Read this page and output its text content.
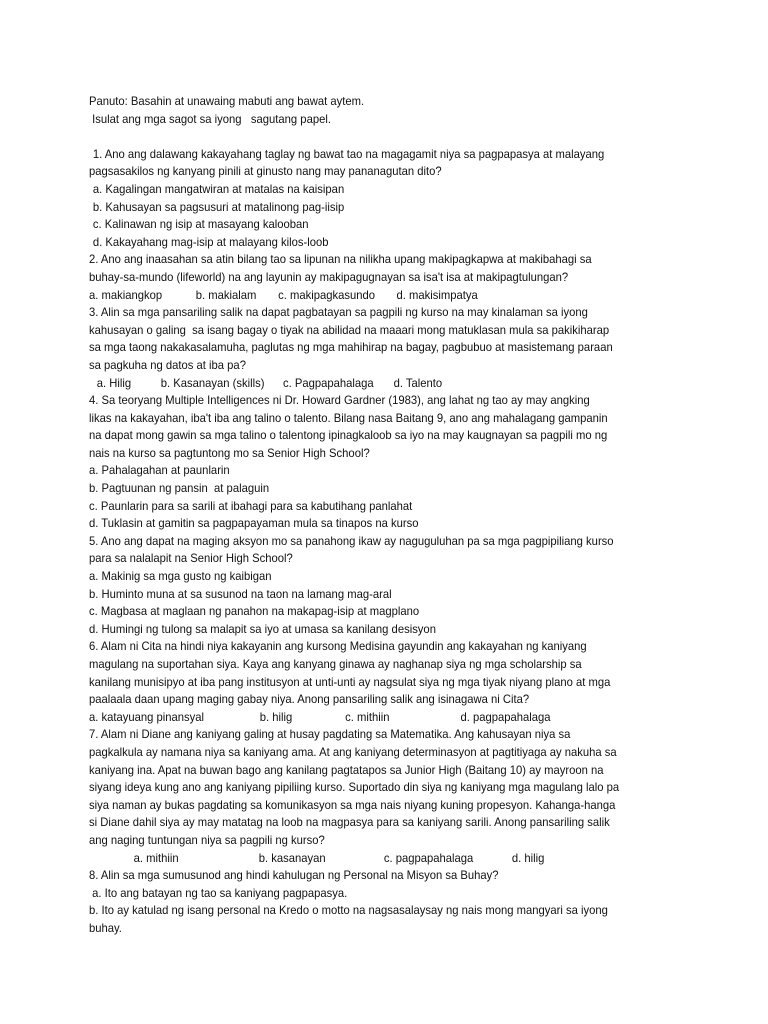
Panuto: Basahin at unawaing mabuti ang bawat aytem.

Isulat ang mga sagot sa iyong   sagutang papel.

1. Ano ang dalawang kakayahang taglay ng bawat tao na magagamit niya sa pagpapasya at malayang

pagsasakilos ng kanyang pinili at ginusto nang may pananagutan dito?

a. Kagalingan mangatwiran at matalas na kaisipan

b. Kahusayan sa pagsusuri at matalinong pag-iisip

c. Kalinawan ng isip at masayang kalooban

d. Kakayahang mag-isip at malayang kilos-loob

2. Ano ang inaasahan sa atin bilang tao sa lipunan na nilikha upang makipagkapwa at makibahagi sa

buhay-sa-mundo (lifeworld) na ang layunin ay makipagugnayan sa isa't isa at makipagtulungan?

a. makiangkop	b. makialam	c. makipagkasundo	d. makisimpatya

3. Alin sa mga pansariling salik na dapat pagbatayan sa pagpili ng kurso na may kinalaman sa iyong

kahusayan o galing  sa isang bagay o tiyak na abilidad na maaari mong matuklasan mula sa pakikiharap

sa mga taong nakakasalamuha, paglutas ng mga mahihirap na bagay, pagbubuo at masistemang paraan

sa pagkuha ng datos at iba pa?

a. Hilig	b. Kasanayan (skills)	c. Pagpapahalaga	d. Talento

4. Sa teoryang Multiple Intelligences ni Dr. Howard Gardner (1983), ang lahat ng tao ay may angking

likas na kakayahan, iba't iba ang talino o talento. Bilang nasa Baitang 9, ano ang mahalagang gampanin

na dapat mong gawin sa mga talino o talentong ipinagkaloob sa iyo na may kaugnayan sa pagpili mo ng

nais na kurso sa pagtuntong mo sa Senior High School?

a. Pahalagahan at paunlarin

b. Pagtuunan ng pansin  at palaguin

c. Paunlarin para sa sarili at ibahagi para sa kabutihang panlahat

d. Tuklasin at gamitin sa pagpapayaman mula sa tinapos na kurso

5. Ano ang dapat na maging aksyon mo sa panahong ikaw ay naguguluhan pa sa mga pagpipiliang kurso

para sa nalalapit na Senior High School?

a. Makinig sa mga gusto ng kaibigan

b. Huminto muna at sa susunod na taon na lamang mag-aral

c. Magbasa at maglaan ng panahon na makapag-isip at magplano

d. Humingi ng tulong sa malapit sa iyo at umasa sa kanilang desisyon

6. Alam ni Cita na hindi niya kakayanin ang kursong Medisina gayundin ang kakayahan ng kaniyang

magulang na suportahan siya. Kaya ang kanyang ginawa ay naghanap siya ng mga scholarship sa

kanilang munisipyo at iba pang institusyon at unti-unti ay nagsulat siya ng mga tiyak niyang plano at mga

paalaala daan upang maging gabay niya. Anong pansariling salik ang isinagawa ni Cita?

a. katayuang pinansyal	b. hilig	c. mithiin	d. pagpapahalaga

7. Alam ni Diane ang kaniyang galing at husay pagdating sa Matematika. Ang kahusayan niya sa

pagkalkula ay namana niya sa kaniyang ama. At ang kaniyang determinasyon at pagtitiyaga ay nakuha sa

kaniyang ina. Apat na buwan bago ang kanilang pagtatapos sa Junior High (Baitang 10) ay mayroon na

siyang ideya kung ano ang kaniyang pipiliing kurso. Suportado din siya ng kaniyang mga magulang lalo pa

siya naman ay bukas pagdating sa komunikasyon sa mga nais niyang kuning propesyon. Kahanga-hanga

si Diane dahil siya ay may matatag na loob na magpasya para sa kaniyang sarili. Anong pansariling salik

ang naging tuntungan niya sa pagpili ng kurso?

a. mithiin	b. kasanayan	c. pagpapahalaga	d. hilig

8. Alin sa mga sumusunod ang hindi kahulugan ng Personal na Misyon sa Buhay?

a. Ito ang batayan ng tao sa kaniyang pagpapasya.

b. Ito ay katulad ng isang personal na Kredo o motto na nagsasalaysay ng nais mong mangyari sa iyong

buhay.
